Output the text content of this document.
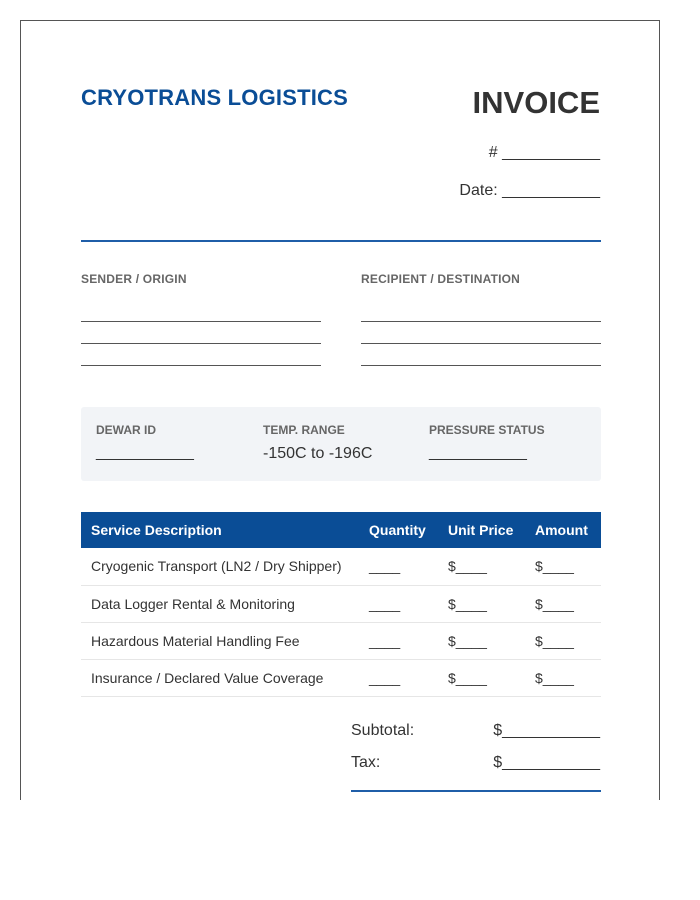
CRYOTRANS LOGISTICS	INVOICE
# ___________
Date: ___________
SENDER / ORIGIN	RECIPIENT / DESTINATION
DEWAR ID
___________
TEMP. RANGE
-150C to -196C
PRESSURE STATUS
___________
Service Description	Quantity	Unit Price	Amount
Cryogenic Transport (LN2 / Dry Shipper)	____	$____	$____
Data Logger Rental & Monitoring	____	$____	$____
Hazardous Material Handling Fee	____	$____	$____
Insurance / Declared Value Coverage	____	$____	$____
Subtotal:	$___________
Tax:	$___________
